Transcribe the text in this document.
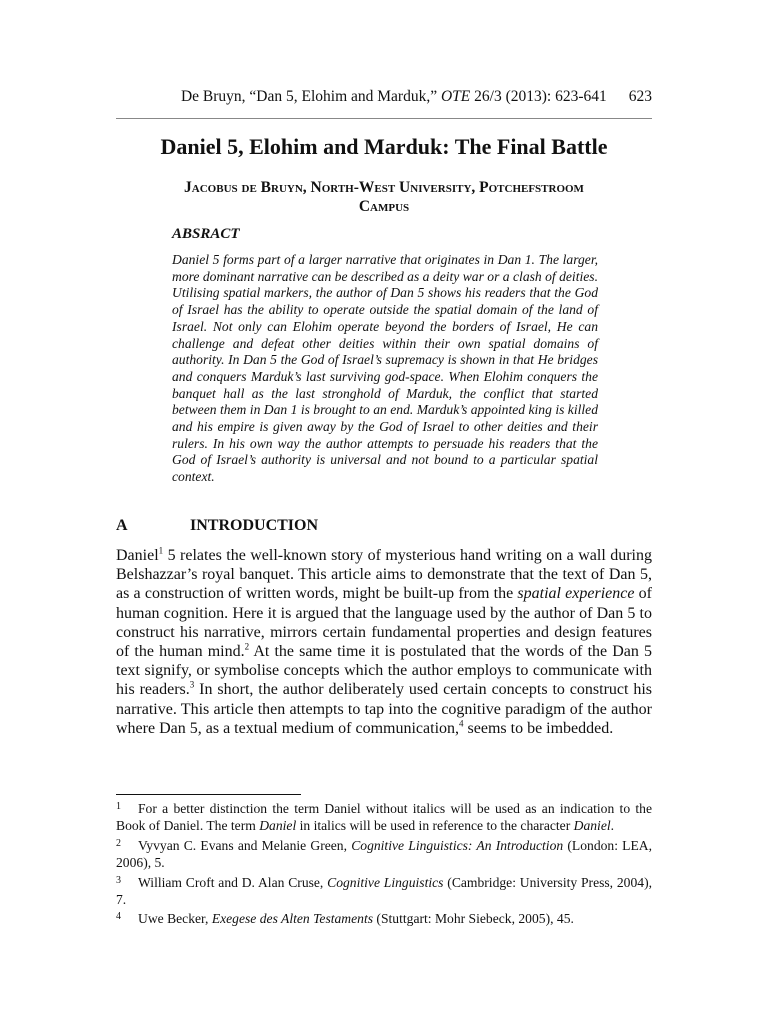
De Bruyn, “Dan 5, Elohim and Marduk,” OTE 26/3 (2013): 623-641 623
Daniel 5, Elohim and Marduk: The Final Battle
Jacobus de Bruyn, North-West University, Potchefstroom
Campus
ABSRACT

Daniel 5 forms part of a larger narrative that originates in Dan 1. The larger, more dominant narrative can be described as a deity war or a clash of deities. Utilising spatial markers, the author of Dan 5 shows his readers that the God of Israel has the ability to operate outside the spatial domain of the land of Israel. Not only can Elohim operate beyond the borders of Israel, He can challenge and defeat other deities within their own spatial domains of authority. In Dan 5 the God of Israel’s supremacy is shown in that He bridges and conquers Marduk’s last surviving god-space. When Elohim conquers the banquet hall as the last stronghold of Marduk, the conflict that started between them in Dan 1 is brought to an end. Marduk’s appointed king is killed and his empire is given away by the God of Israel to other deities and their rulers. In his own way the author attempts to persuade his readers that the God of Israel’s authority is universal and not bound to a particular spatial context.

A	INTRODUCTION

Daniel$^1$ 5 relates the well-known story of mysterious hand writing on a wall during Belshazzar’s royal banquet. This article aims to demonstrate that the text of Dan 5, as a construction of written words, might be built-up from the spatial experience of human cognition. Here it is argued that the language used by the author of Dan 5 to construct his narrative, mirrors certain fundamental properties and design features of the human mind.$^2$ At the same time it is postulated that the words of the Dan 5 text signify, or symbolise concepts which the author employs to communicate with his readers.$^3$ In short, the author deliberately used certain concepts to construct his narrative. This article then attempts to tap into the cognitive paradigm of the author where Dan 5, as a textual medium of communication,$^4$ seems to be imbedded.

1 For a better distinction the term Daniel without italics will be used as an indication to the Book of Daniel. The term Daniel in italics will be used in reference to the character Daniel.

2 Vyvyan C. Evans and Melanie Green, Cognitive Linguistics: An Introduction (London: LEA, 2006), 5.

3 William Croft and D. Alan Cruse, Cognitive Linguistics (Cambridge: University Press, 2004), 7.

4 Uwe Becker, Exegese des Alten Testaments (Stuttgart: Mohr Siebeck, 2005), 45.
